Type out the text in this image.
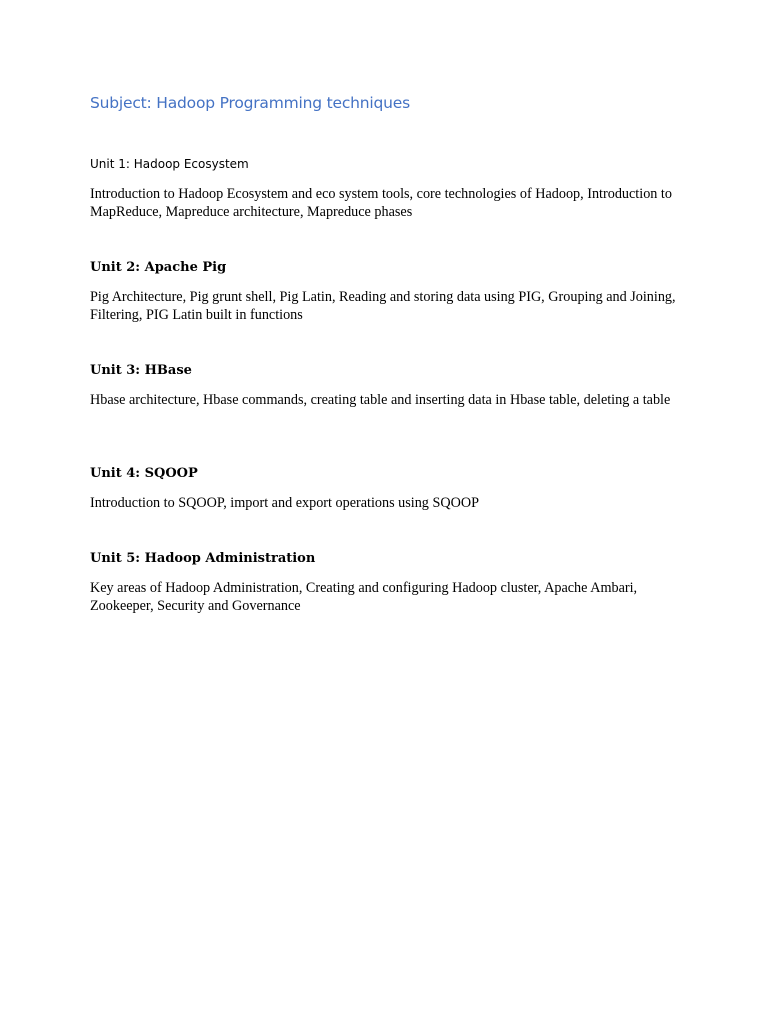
Subject: Hadoop Programming techniques
Unit 1: Hadoop Ecosystem
Introduction to Hadoop Ecosystem and eco system tools, core technologies of Hadoop, Introduction to MapReduce, Mapreduce architecture, Mapreduce phases
Unit 2: Apache Pig
Pig Architecture, Pig grunt shell, Pig Latin, Reading and storing data using PIG, Grouping and Joining, Filtering, PIG Latin built in functions
Unit 3: HBase
Hbase architecture, Hbase commands, creating table and inserting data in Hbase table, deleting a table
Unit 4: SQOOP
Introduction to SQOOP, import and export operations using SQOOP
Unit 5: Hadoop Administration
Key areas of Hadoop Administration, Creating and configuring Hadoop cluster, Apache Ambari, Zookeeper, Security and Governance
